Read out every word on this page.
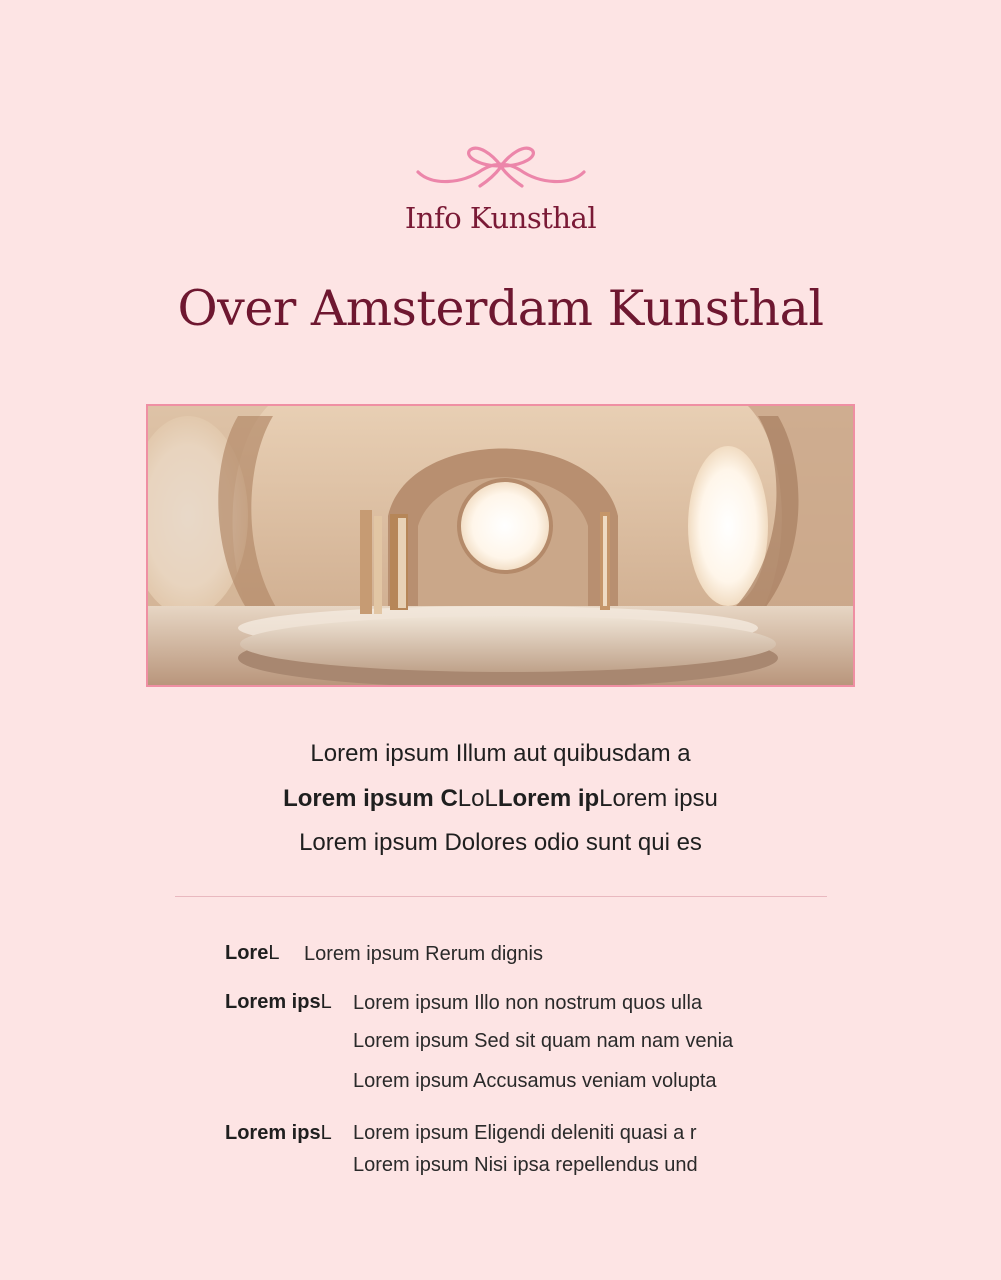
Info Kunsthal
Over Amsterdam Kunsthal
Lorem ipsum Illum aut quibusdam a
Lorem ipsum CLoLLorem ipLorem ipsu
Lorem ipsum Dolores odio sunt qui es
LoreL Lorem ipsum Rerum dignis
Lorem ipsL Lorem ipsum Illo non nostrum quos ulla
Lorem ipsum Sed sit quam nam nam venia
Lorem ipsum Accusamus veniam volupta
Lorem ipsL Lorem ipsum Eligendi deleniti quasi a r
Lorem ipsum Nisi ipsa repellendus und
